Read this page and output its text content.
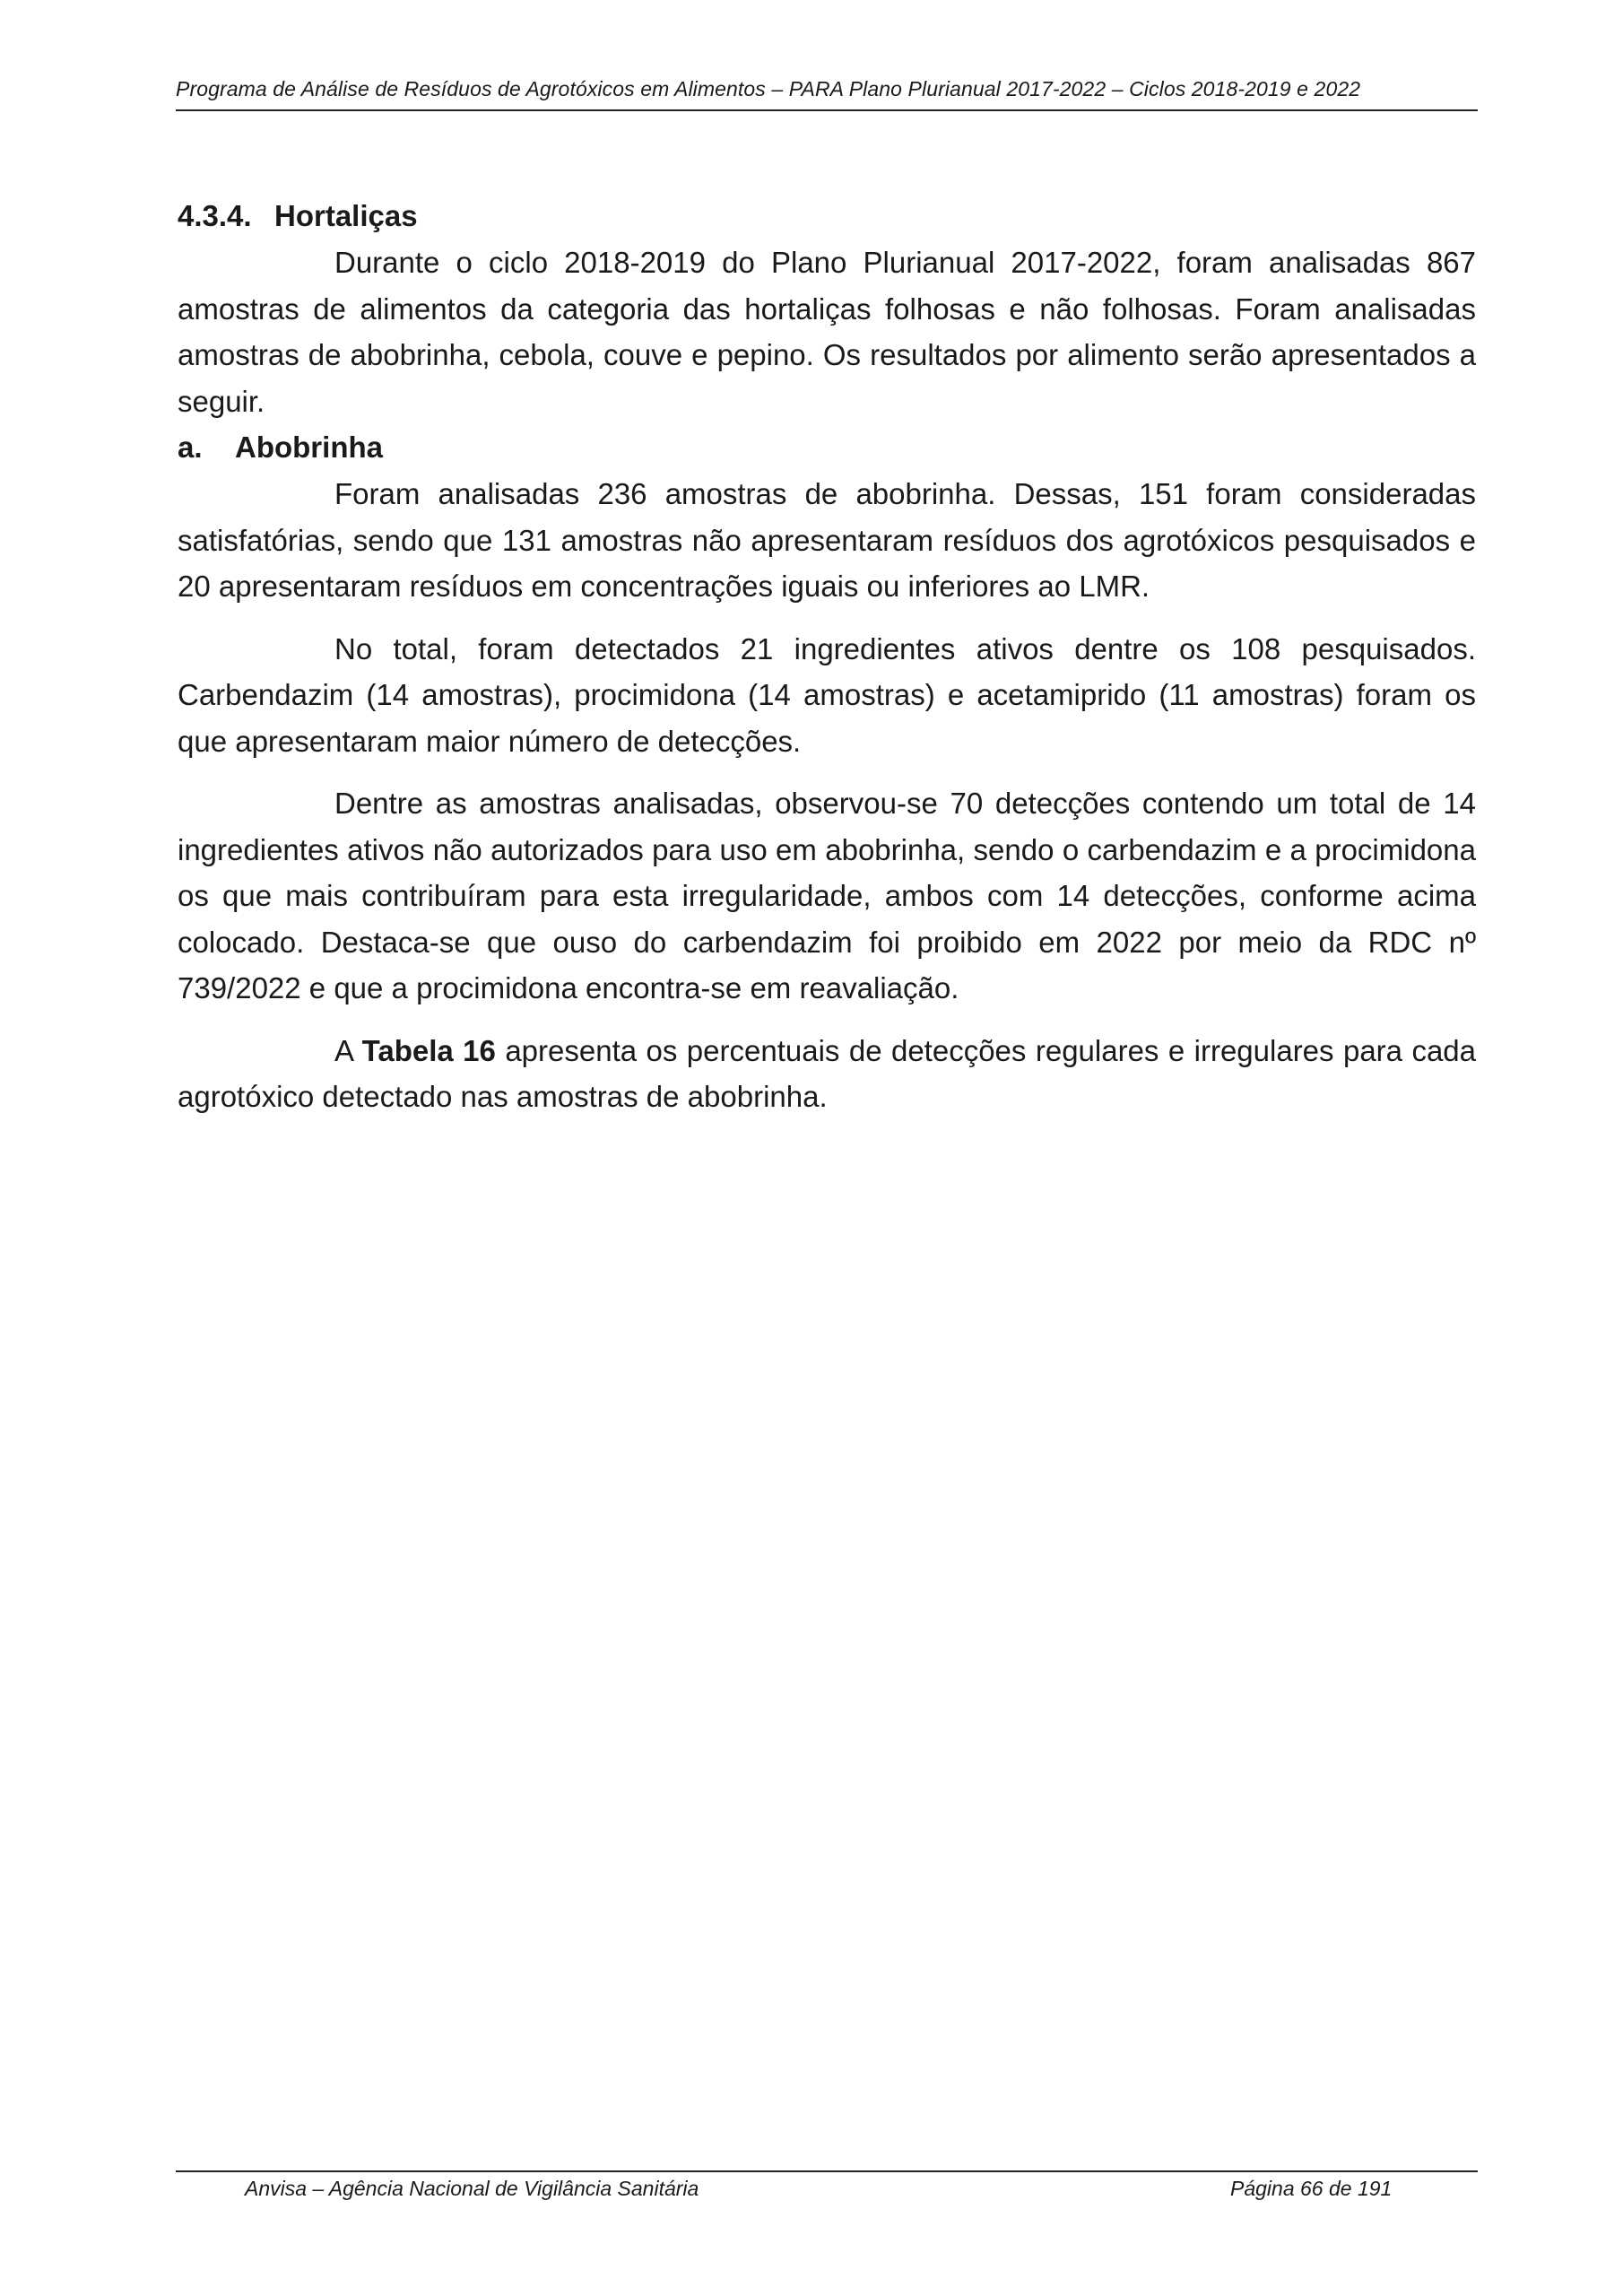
Programa de Análise de Resíduos de Agrotóxicos em Alimentos – PARA Plano Plurianual 2017-2022 – Ciclos 2018-2019 e 2022

4.3.4. Hortaliças

Durante o ciclo 2018-2019 do Plano Plurianual 2017-2022, foram analisadas 867 amostras de alimentos da categoria das hortaliças folhosas e não folhosas. Foram analisadas amostras de abobrinha, cebola, couve e pepino. Os resultados por alimento serão apresentados a seguir.

a. Abobrinha

Foram analisadas 236 amostras de abobrinha. Dessas, 151 foram consideradas satisfatórias, sendo que 131 amostras não apresentaram resíduos dos agrotóxicos pesquisados e 20 apresentaram resíduos em concentrações iguais ou inferiores ao LMR.

No total, foram detectados 21 ingredientes ativos dentre os 108 pesquisados. Carbendazim (14 amostras), procimidona (14 amostras) e acetamiprido (11 amostras) foram os que apresentaram maior número de detecções.

Dentre as amostras analisadas, observou-se 70 detecções contendo um total de 14 ingredientes ativos não autorizados para uso em abobrinha, sendo o carbendazim e a procimidona os que mais contribuíram para esta irregularidade, ambos com 14 detecções, conforme acima colocado. Destaca-se que ouso do carbendazim foi proibido em 2022 por meio da RDC nº 739/2022 e que a procimidona encontra-se em reavaliação.

A Tabela 16 apresenta os percentuais de detecções regulares e irregulares para cada agrotóxico detectado nas amostras de abobrinha.

Anvisa – Agência Nacional de Vigilância Sanitária	Página 66 de 191
